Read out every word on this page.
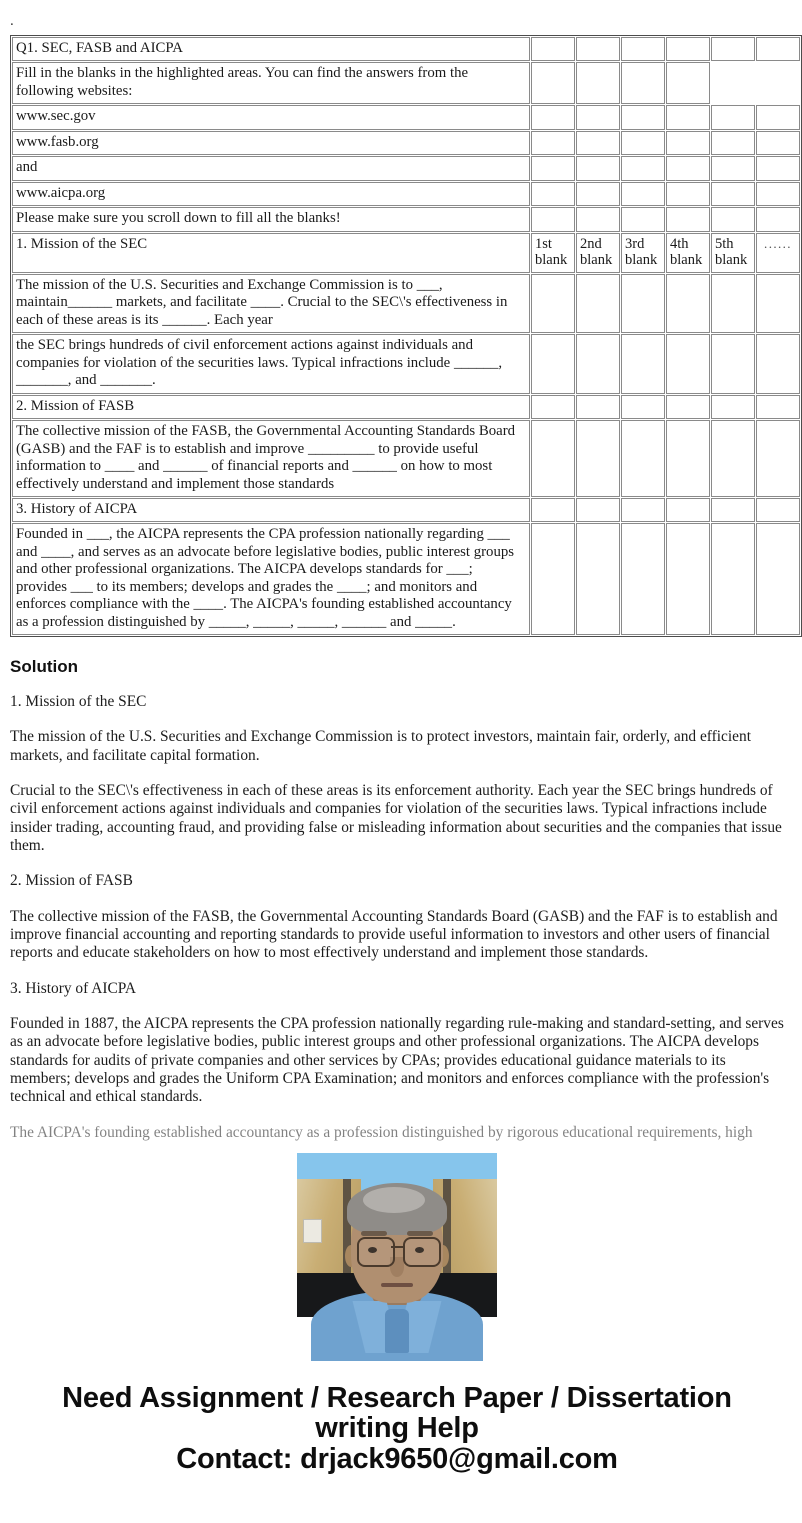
.
Q1. SEC, FASB and AICPA						
Fill in the blanks in the highlighted areas. You can find the answers from the following websites:						
www.sec.gov						
www.fasb.org						
and						
www.aicpa.org						
Please make sure you scroll down to fill all the blanks!						
1. Mission of the SEC	1st blank	2nd blank	3rd blank	4th blank	5th blank	......
The mission of the U.S. Securities and Exchange Commission is to ___, maintain______ markets, and facilitate ____. Crucial to the SEC\'s effectiveness in each of these areas is its ______. Each year						
the SEC brings hundreds of civil enforcement actions against individuals and companies for violation of the securities laws. Typical infractions include ______, _______, and _______.						
2. Mission of FASB						
The collective mission of the FASB, the Governmental Accounting Standards Board (GASB) and the FAF is to establish and improve _________ to provide useful information to ____ and ______ of financial reports and ______ on how to most effectively understand and implement those standards						
3. History of AICPA						
Founded in ___, the AICPA represents the CPA profession nationally regarding ___ and ____, and serves as an advocate before legislative bodies, public interest groups and other professional organizations. The AICPA develops standards for ___; provides ___ to its members; develops and grades the ____; and monitors and enforces compliance with the ____. The AICPA's founding established accountancy as a profession distinguished by _____, _____, _____, ______ and _____.						
Solution

1. Mission of the SEC

The mission of the U.S. Securities and Exchange Commission is to protect investors, maintain fair, orderly, and efficient markets, and facilitate capital formation.

Crucial to the SEC\'s effectiveness in each of these areas is its enforcement authority. Each year the SEC brings hundreds of civil enforcement actions against individuals and companies for violation of the securities laws. Typical infractions include insider trading, accounting fraud, and providing false or misleading information about securities and the companies that issue them.

2. Mission of FASB

The collective mission of the FASB, the Governmental Accounting Standards Board (GASB) and the FAF is to establish and improve financial accounting and reporting standards to provide useful information to investors and other users of financial reports and educate stakeholders on how to most effectively understand and implement those standards.

3. History of AICPA

Founded in 1887, the AICPA represents the CPA profession nationally regarding rule-making and standard-setting, and serves as an advocate before legislative bodies, public interest groups and other professional organizations. The AICPA develops standards for audits of private companies and other services by CPAs; provides educational guidance materials to its members; develops and grades the Uniform CPA Examination; and monitors and enforces compliance with the profession's technical and ethical standards.

The AICPA's founding established accountancy as a profession distinguished by rigorous educational requirements, high

Need Assignment / Research Paper / Dissertation
writing Help
Contact: drjack9650@gmail.com
